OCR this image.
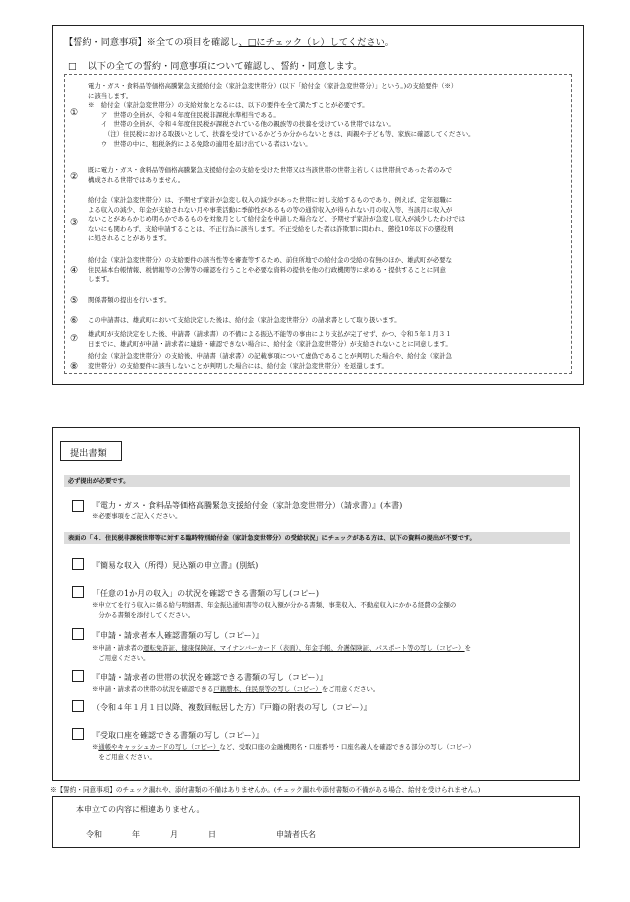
【誓約・同意事項】※全ての項目を確認し、□にチェック（レ）してください。
□ 以下の全ての誓約・同意事項について確認し、誓約・同意します。
①
電力・ガス・食料品等価格高騰緊急支援給付金（家計急変世帯分）(以下「給付金（家計急変世帯分）」という。)の支給要件（※）
に該当します。
※　給付金（家計急変世帯分）の支給対象となるには、以下の要件を全て満たすことが必要です。
　　ア　世帯の全員が、令和４年度住民税非課税水準相当である。
　　イ　世帯の全員が、令和４年度住民税が課税されている他の親族等の扶養を受けている世帯ではない。
　　　（注）住民税における取扱いとして、扶養を受けているかどうか分からないときは、両親や子ども等、家族に確認してください。
　　ウ　世帯の中に、租税条約による免除の適用を届け出ている者はいない。
②
既に電力・ガス・食料品等価格高騰緊急支援給付金の支給を受けた世帯又は当該世帯の世帯主若しくは世帯員であった者のみで
構成される世帯ではありません。
③
給付金（家計急変世帯分）は、予期せず家計が急変し収入の減少があった世帯に対し支給するものであり、例えば、定年退職に
よる収入の減少、年金が支給されない月や事業活動に季節性があるもの等の通常収入が得られない月の収入等、当該月に収入が
ないことがあらかじめ明らかであるものを対象月として給付金を申請した場合など、予期せず家計が急変し収入が減少したわけでは
ないにも関わらず、支給申請することは、不正行為に該当します。不正受給をした者は詐欺罪に問われ、懲役10年以下の懲役刑
に処されることがあります。
④
給付金（家計急変世帯分）の支給要件の該当性等を審査等するため、前住所地での給付金の受給の有無のほか、雄武町が必要な
住民基本台帳情報、税情報等の公簿等の確認を行うことや必要な資料の提供を他の行政機関等に求める・提供することに同意
します。
⑤	関係書類の提出を行います。
⑥	この申請書は、雄武町において支給決定した後は、給付金（家計急変世帯分）の請求書として取り扱います。
⑦	雄武町が支給決定をした後、申請書（請求書）の不備による振込不能等の事由により支払が完了せず、かつ、令和５年１月３１
日までに、雄武町が申請・請求者に連絡・確認できない場合に、給付金（家計急変世帯分）が支給されないことに同意します。
⑧
給付金（家計急変世帯分）の支給後、申請書（請求書）の記載事項について虚偽であることが判明した場合や、給付金（家計急
変世帯分）の支給要件に該当しないことが判明した場合には、給付金（家計急変世帯分）を返還します。
提出書類
必ず提出が必要です。
『電力・ガス・食料品等価格高騰緊急支援給付金（家計急変世帯分）（請求書）』(本書)
※必要事項をご記入ください。
表面の「４．住民税非課税世帯等に対する臨時特別給付金（家計急変世帯分）の受給状況」にチェックがある方は、以下の資料の提出が不要です。
『簡易な収入（所得）見込額の申立書』(別紙)
「任意の1か月の収入」の状況を確認できる書類の写し(コピー)
※申立てを行う収入に係る給与明細書、年金振込通知書等の収入額が分かる書類、事業収入、不動産収入にかかる経費の金額の
　分かる書類を添付してください。
『申請・請求者本人確認書類の写し（コピー）』
※申請・請求者の運転免許証、健康保険証、マイナンバーカード（表面）、年金手帳、介護保険証、パスポート等の写し（コピー）を
　ご用意ください。
『申請・請求者の世帯の状況を確認できる書類の写し（コピー）』
※申請・請求者の世帯の状況を確認できる戸籍謄本、住民票等の写し（コピー）をご用意ください。
（令和４年１月１日以降、複数回転居した方）『戸籍の附表の写し（コピー）』
『受取口座を確認できる書類の写し（コピー）』
※通帳やキャッシュカードの写し（コピー）など、受取口座の金融機関名・口座番号・口座名義人を確認できる部分の写し（コピー）
　をご用意ください。
※【誓約・同意事項】のチェック漏れや、添付書類の不備はありませんか。(チェック漏れや添付書類の不備がある場合、給付を受けられません。)
本申立ての内容に相違ありません。
令和	年	月	日	申請者氏名
